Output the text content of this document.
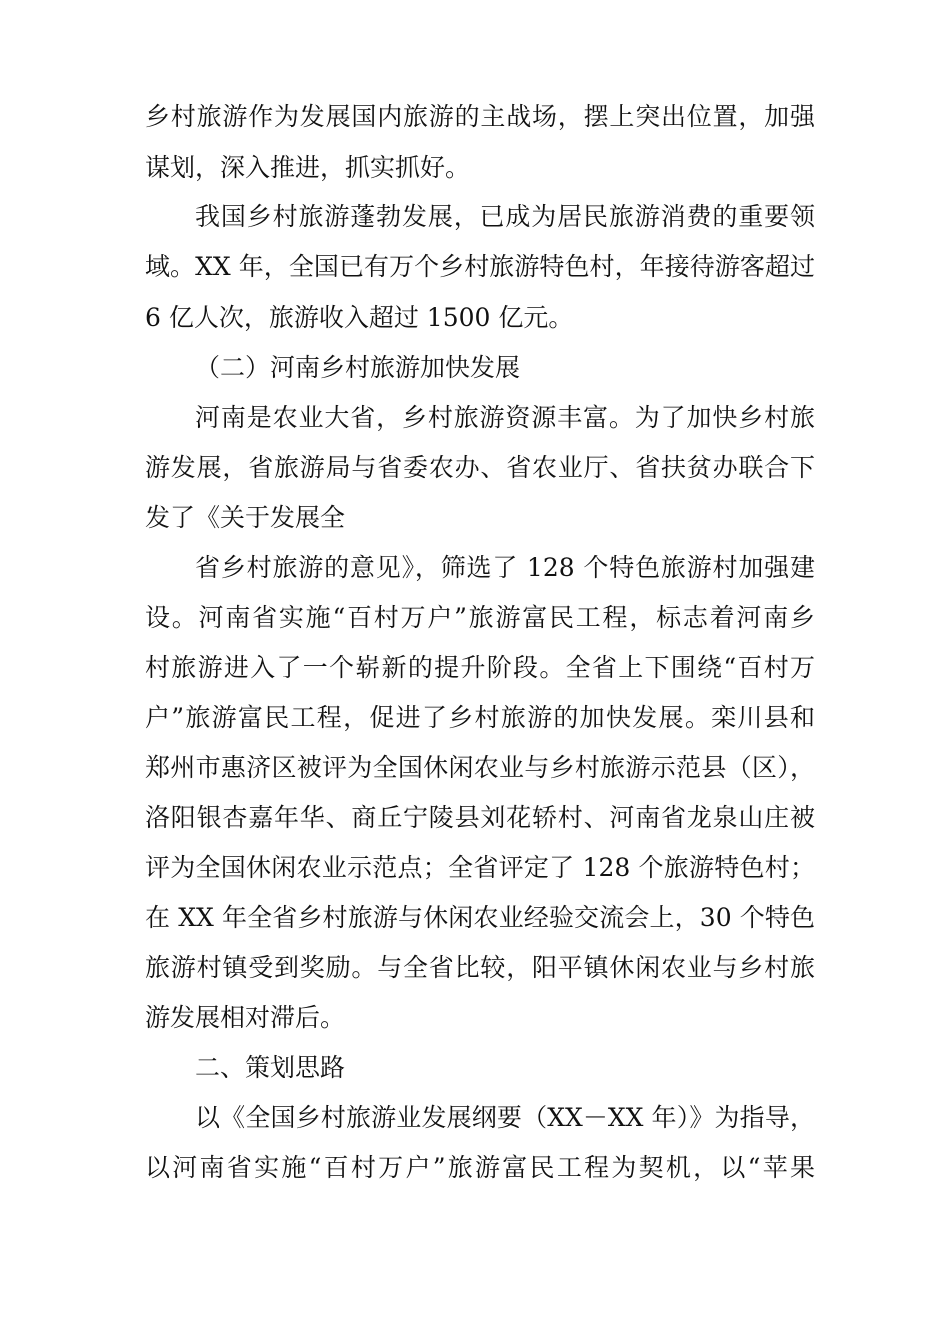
乡村旅游作为发展国内旅游的主战场，摆上突出位置，加强
谋划，深入推进，抓实抓好。
我国乡村旅游蓬勃发展，已成为居民旅游消费的重要领
域。XX 年，全国已有万个乡村旅游特色村，年接待游客超过
6 亿人次，旅游收入超过 1500 亿元。
（二）河南乡村旅游加快发展
河南是农业大省，乡村旅游资源丰富。为了加快乡村旅
游发展，省旅游局与省委农办、省农业厅、省扶贫办联合下
发了《关于发展全
省乡村旅游的意见》，筛选了 128 个特色旅游村加强建
设。河南省实施“百村万户”旅游富民工程，标志着河南乡
村旅游进入了一个崭新的提升阶段。全省上下围绕“百村万
户”旅游富民工程，促进了乡村旅游的加快发展。栾川县和
郑州市惠济区被评为全国休闲农业与乡村旅游示范县（区），
洛阳银杏嘉年华、商丘宁陵县刘花轿村、河南省龙泉山庄被
评为全国休闲农业示范点；全省评定了 128 个旅游特色村；
在 XX 年全省乡村旅游与休闲农业经验交流会上，30 个特色
旅游村镇受到奖励。与全省比较，阳平镇休闲农业与乡村旅
游发展相对滞后。
二、策划思路
以《全国乡村旅游业发展纲要（XX－XX 年）》为指导，
以河南省实施“百村万户”旅游富民工程为契机，以“苹果
